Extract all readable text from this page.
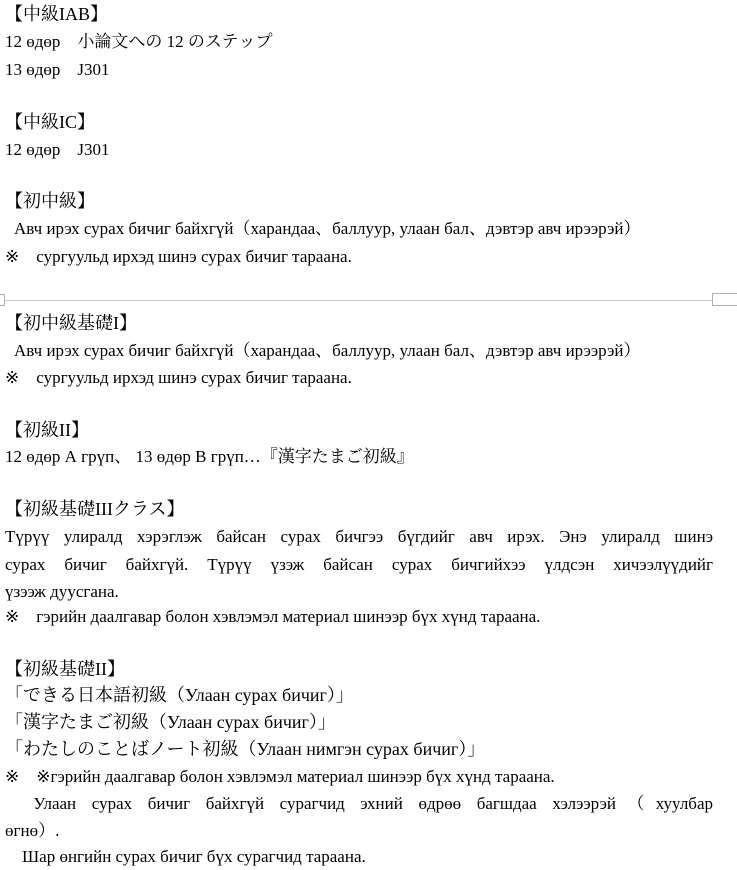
【中級IAB】
12 өдөр　小論文への 12 のステップ
13 өдөр　J301
【中級IC】
12 өдөр　J301
【初中級】
Авч ирэх сурах бичиг байхгүй（харандаа、баллуур, улаан бал、дэвтэр авч ирээрэй）
※　сургуульд ирхэд шинэ сурах бичиг тараана.
【初中級基礎I】
Авч ирэх сурах бичиг байхгүй（харандаа、баллуур, улаан бал、дэвтэр авч ирээрэй）
※　сургуульд ирхэд шинэ сурах бичиг тараана.
【初級II】
12 өдөр А грүп、 13 өдөр В грүп…『漢字たまご初級』
【初級基礎IIIクラス】
Түрүү улиралд хэрэглэж байсан сурах бичгээ бүгдийг авч ирэх. Энэ улиралд шинэ
сурах бичиг байхгүй. Түрүү үзэж байсан сурах бичгийхээ үлдсэн хичээлүүдийг
үзээж дуусгана.
※　гэрийн даалгавар болон хэвлэмэл материал шинээр бүх хүнд тараана.
【初級基礎II】
「できる日本語初級（Улаан сурах бичиг）」
「漢字たまご初級（Улаан сурах бичиг）」
「わたしのことばノート初級（Улаан нимгэн сурах бичиг）」
※　※гэрийн даалгавар болон хэвлэмэл материал шинээр бүх хүнд тараана.
　Улаан сурах бичиг байхгүй сурагчид эхний өдрөө багшдаа хэлээрэй（хуулбар
өгнө）.
　Шар өнгийн сурах бичиг бүх сурагчид тараана.
